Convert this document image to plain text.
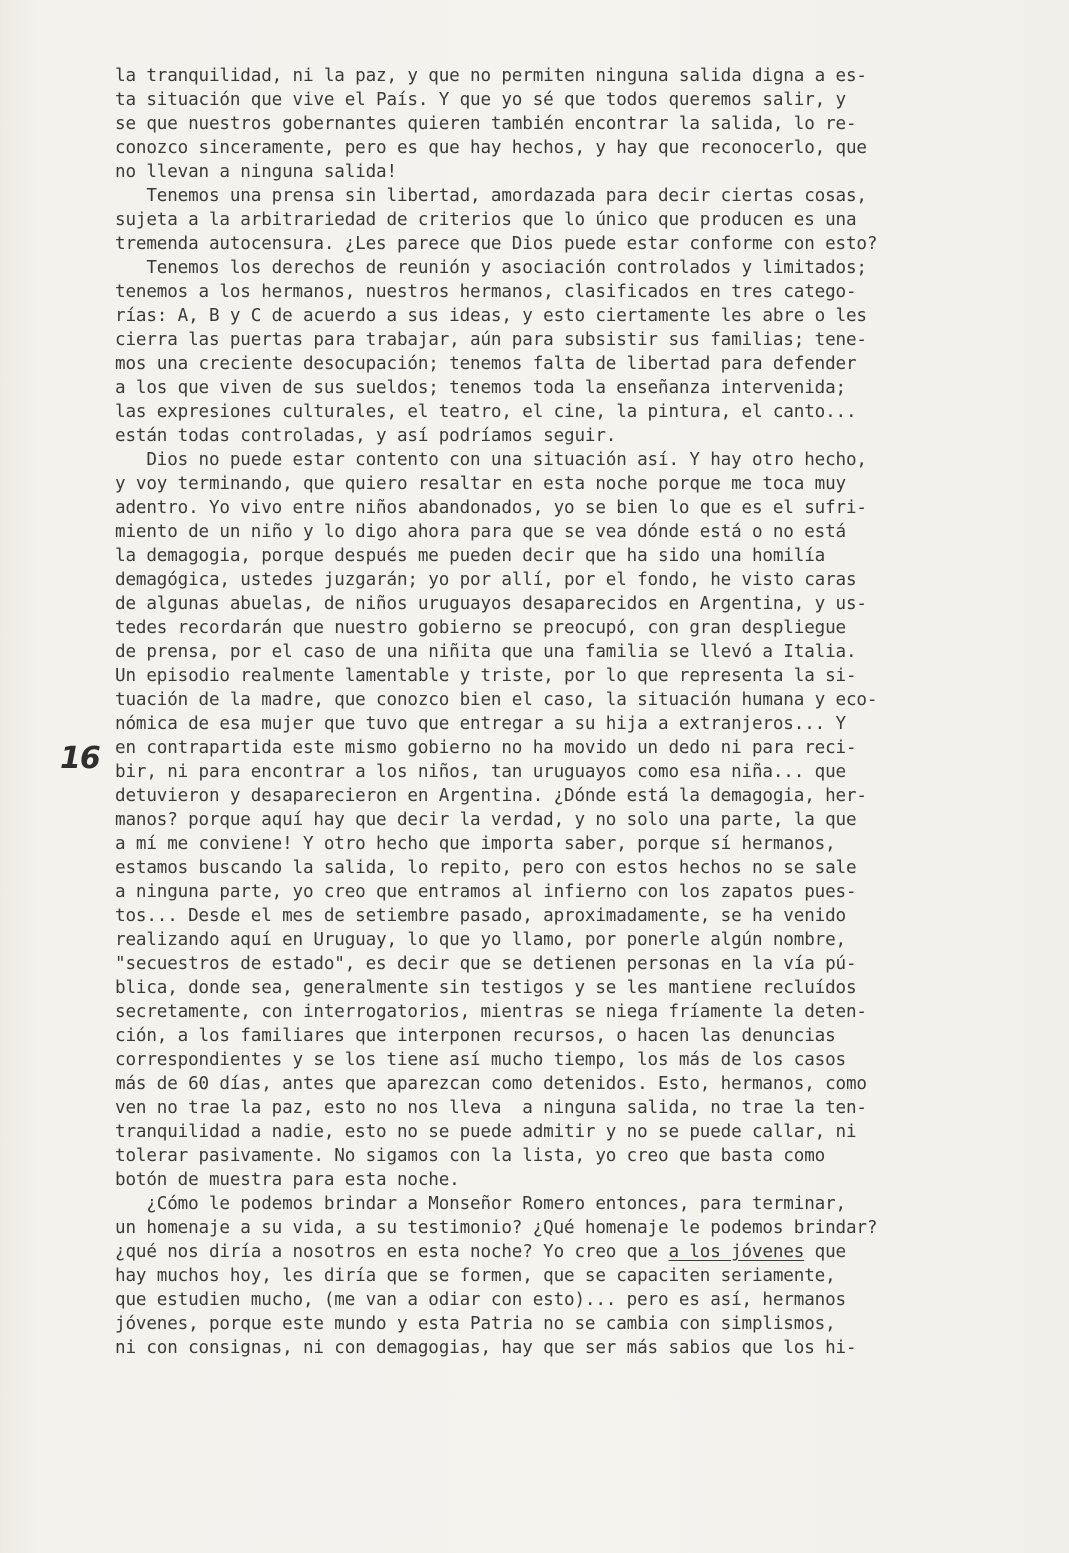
la tranquilidad, ni la paz, y que no permiten ninguna salida digna a es-
ta situación que vive el País. Y que yo sé que todos queremos salir, y
se que nuestros gobernantes quieren también encontrar la salida, lo re-
conozco sinceramente, pero es que hay hechos, y hay que reconocerlo, que
no llevan a ninguna salida!
Tenemos una prensa sin libertad, amordazada para decir ciertas cosas,
sujeta a la arbitrariedad de criterios que lo único que producen es una
tremenda autocensura. ¿Les parece que Dios puede estar conforme con esto?
Tenemos los derechos de reunión y asociación controlados y limitados;
tenemos a los hermanos, nuestros hermanos, clasificados en tres catego-
rías: A, B y C de acuerdo a sus ideas, y esto ciertamente les abre o les
cierra las puertas para trabajar, aún para subsistir sus familias; tene-
mos una creciente desocupación; tenemos falta de libertad para defender
a los que viven de sus sueldos; tenemos toda la enseñanza intervenida;
las expresiones culturales, el teatro, el cine, la pintura, el canto...
están todas controladas, y así podríamos seguir.
Dios no puede estar contento con una situación así. Y hay otro hecho,
y voy terminando, que quiero resaltar en esta noche porque me toca muy
adentro. Yo vivo entre niños abandonados, yo se bien lo que es el sufri-
miento de un niño y lo digo ahora para que se vea dónde está o no está
la demagogia, porque después me pueden decir que ha sido una homilía
demagógica, ustedes juzgarán; yo por allí, por el fondo, he visto caras
de algunas abuelas, de niños uruguayos desaparecidos en Argentina, y us-
tedes recordarán que nuestro gobierno se preocupó, con gran despliegue
de prensa, por el caso de una niñita que una familia se llevó a Italia.
Un episodio realmente lamentable y triste, por lo que representa la si-
tuación de la madre, que conozco bien el caso, la situación humana y eco-
nómica de esa mujer que tuvo que entregar a su hija a extranjeros... Y
en contrapartida este mismo gobierno no ha movido un dedo ni para reci-
bir, ni para encontrar a los niños, tan uruguayos como esa niña... que
detuvieron y desaparecieron en Argentina. ¿Dónde está la demagogia, her-
manos? porque aquí hay que decir la verdad, y no solo una parte, la que
a mí me conviene! Y otro hecho que importa saber, porque sí hermanos,
estamos buscando la salida, lo repito, pero con estos hechos no se sale
a ninguna parte, yo creo que entramos al infierno con los zapatos pues-
tos... Desde el mes de setiembre pasado, aproximadamente, se ha venido
realizando aquí en Uruguay, lo que yo llamo, por ponerle algún nombre,
"secuestros de estado", es decir que se detienen personas en la vía pú-
blica, donde sea, generalmente sin testigos y se les mantiene recluídos
secretamente, con interrogatorios, mientras se niega fríamente la deten-
ción, a los familiares que interponen recursos, o hacen las denuncias
correspondientes y se los tiene así mucho tiempo, los más de los casos
más de 60 días, antes que aparezcan como detenidos. Esto, hermanos, como
ven no trae la paz, esto no nos lleva  a ninguna salida, no trae la ten-
tranquilidad a nadie, esto no se puede admitir y no se puede callar, ni
tolerar pasivamente. No sigamos con la lista, yo creo que basta como
botón de muestra para esta noche.
¿Cómo le podemos brindar a Monseñor Romero entonces, para terminar,
un homenaje a su vida, a su testimonio? ¿Qué homenaje le podemos brindar?
¿qué nos diría a nosotros en esta noche? Yo creo que a los jóvenes que
hay muchos hoy, les diría que se formen, que se capaciten seriamente,
que estudien mucho, (me van a odiar con esto)... pero es así, hermanos
jóvenes, porque este mundo y esta Patria no se cambia con simplismos,
ni con consignas, ni con demagogias, hay que ser más sabios que los hi-
16
